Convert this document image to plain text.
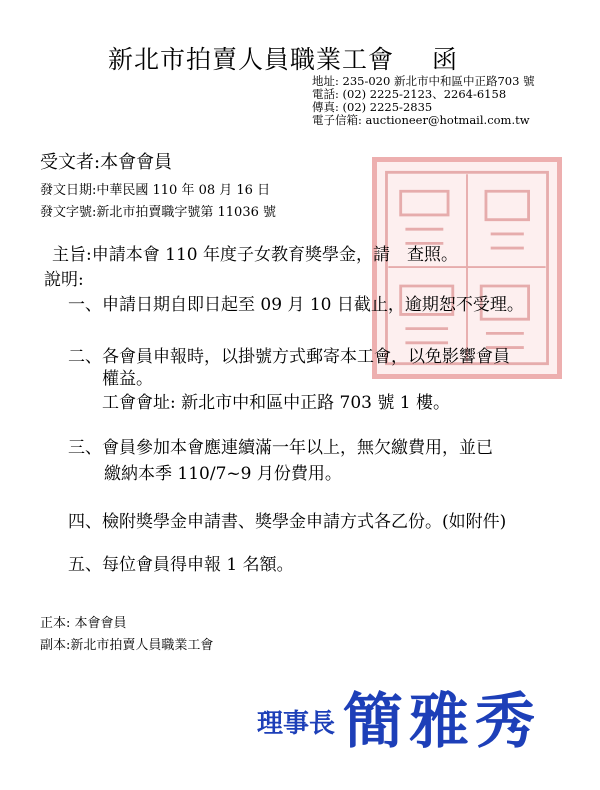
新北市拍賣人員職業工會 函
地址: 235-020 新北市中和區中正路703 號
電話: (02) 2225-2123、2264-6158
傳真: (02) 2225-2835
電子信箱: auctioneer@hotmail.com.tw
受文者:本會會員
發文日期:中華民國 110 年 08 月 16 日
發文字號:新北市拍賣職字號第 11036 號
主旨:申請本會 110 年度子女教育獎學金，請　查照。
說明:
一、申請日期自即日起至 09 月 10 日截止，逾期恕不受理。
二、各會員申報時，以掛號方式郵寄本工會，以免影響會員
權益。
工會會址: 新北市中和區中正路 703 號 1 樓。
三、會員參加本會應連續滿一年以上，無欠繳費用，並已
繳納本季 110/7~9 月份費用。
四、檢附獎學金申請書、獎學金申請方式各乙份。(如附件)
五、每位會員得申報 1 名額。
正本: 本會會員
副本:新北市拍賣人員職業工會
理事長 簡雅秀
